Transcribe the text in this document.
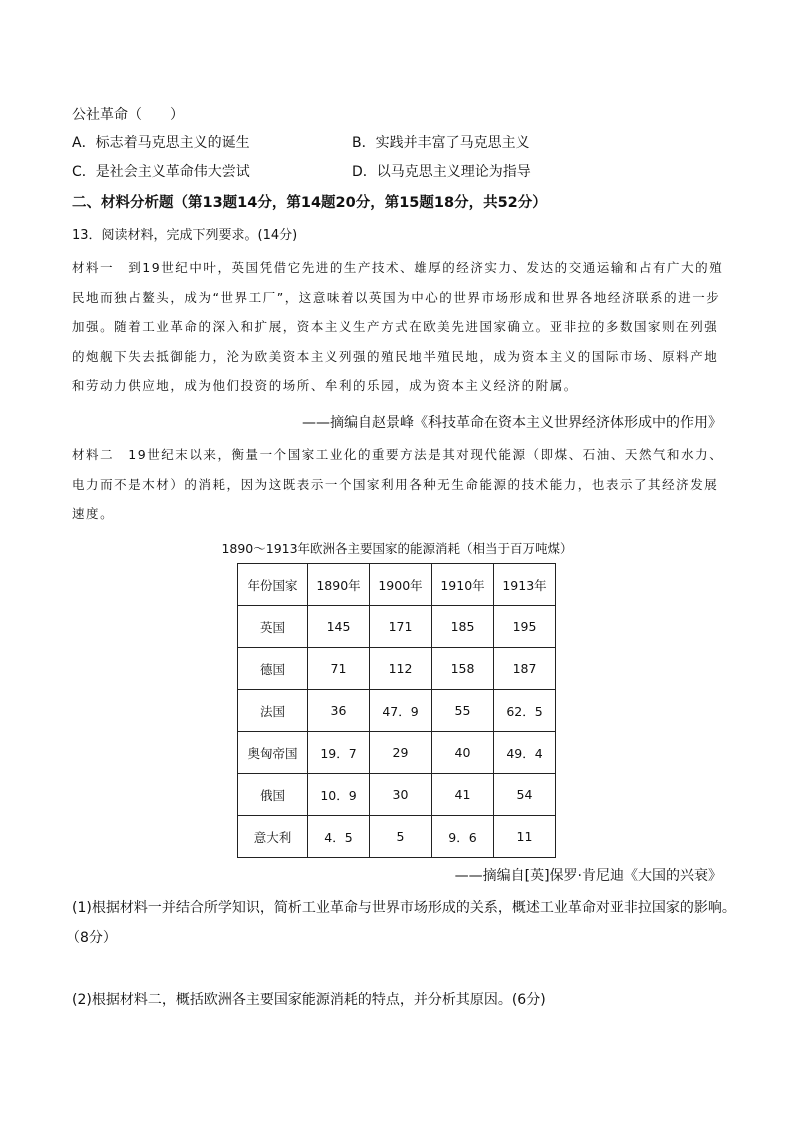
公社革命（　　）
A．标志着马克思主义的诞生	B．实践并丰富了马克思主义
C．是社会主义革命伟大尝试	D．以马克思主义理论为指导
二、材料分析题（第13题14分，第14题20分，第15题18分，共52分）
13．阅读材料，完成下列要求。(14分)
材料一　到19世纪中叶，英国凭借它先进的生产技术、雄厚的经济实力、发达的交通运输和占有广大的殖
民地而独占鳌头，成为“世界工厂”，这意味着以英国为中心的世界市场形成和世界各地经济联系的进一步
加强。随着工业革命的深入和扩展，资本主义生产方式在欧美先进国家确立。亚非拉的多数国家则在列强
的炮舰下失去抵御能力，沦为欧美资本主义列强的殖民地半殖民地，成为资本主义的国际市场、原料产地
和劳动力供应地，成为他们投资的场所、牟利的乐园，成为资本主义经济的附属。
——摘编自赵景峰《科技革命在资本主义世界经济体形成中的作用》
材料二　19世纪末以来，衡量一个国家工业化的重要方法是其对现代能源（即煤、石油、天然气和水力、
电力而不是木材）的消耗，因为这既表示一个国家利用各种无生命能源的技术能力，也表示了其经济发展
速度。
1890～1913年欧洲各主要国家的能源消耗（相当于百万吨煤）
年份国家	1890年	1900年	1910年	1913年
英国	145	171	185	195
德国	71	112	158	187
法国	36	47．9	55	62．5
奥匈帝国	19．7	29	40	49．4
俄国	10．9	30	41	54
意大利	4．5	5	9．6	11
——摘编自[英]保罗·肯尼迪《大国的兴衰》
(1)根据材料一并结合所学知识，简析工业革命与世界市场形成的关系，概述工业革命对亚非拉国家的影响。
（8分）
(2)根据材料二，概括欧洲各主要国家能源消耗的特点，并分析其原因。(6分)
